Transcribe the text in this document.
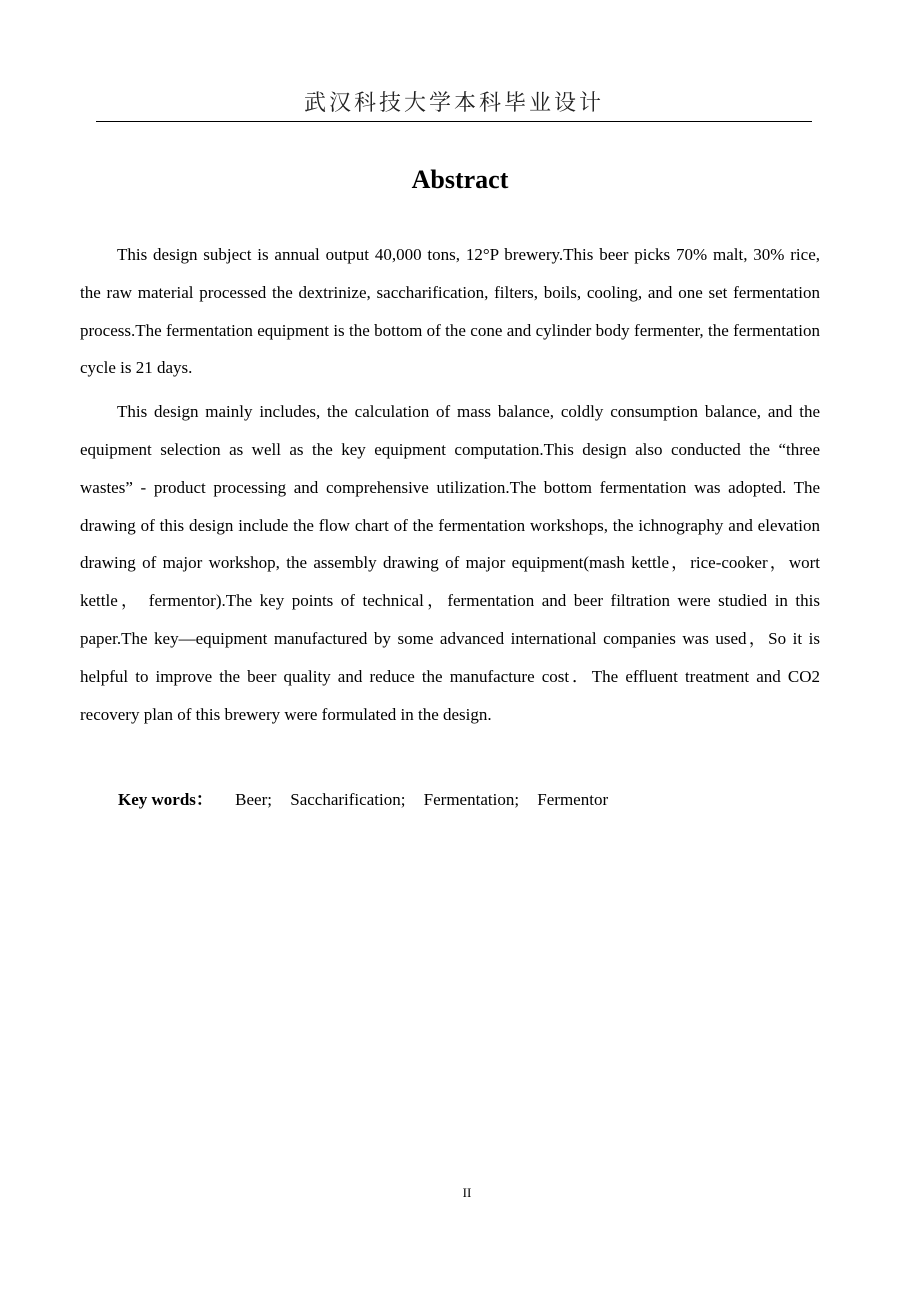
武汉科技大学本科毕业设计
Abstract

This design subject is annual output 40,000 tons, 12°P brewery.This beer picks 70% malt, 30% rice, the raw material processed the dextrinize, saccharification, filters, boils, cooling, and one set fermentation process.The fermentation equipment is the bottom of the cone and cylinder body fermenter, the fermentation cycle is 21 days.

This design mainly includes, the calculation of mass balance, coldly consumption balance, and the equipment selection as well as the key equipment computation.This design also conducted the “three wastes” - product processing and comprehensive utilization.The bottom fermentation was adopted. The drawing of this design include the flow chart of the fermentation workshops, the ichnography and elevation drawing of major workshop, the assembly drawing of major equipment(mash kettle，rice-cooker，wort kettle， fermentor).The key points of technical，fermentation and beer filtration were studied in this paper.The key—equipment manufactured by some advanced international companies was used，So it is helpful to improve the beer quality and reduce the manufacture cost．The effluent treatment and CO2 recovery plan of this brewery were formulated in the design.

Key words： Beer; Saccharification; Fermentation; Fermentor
II
